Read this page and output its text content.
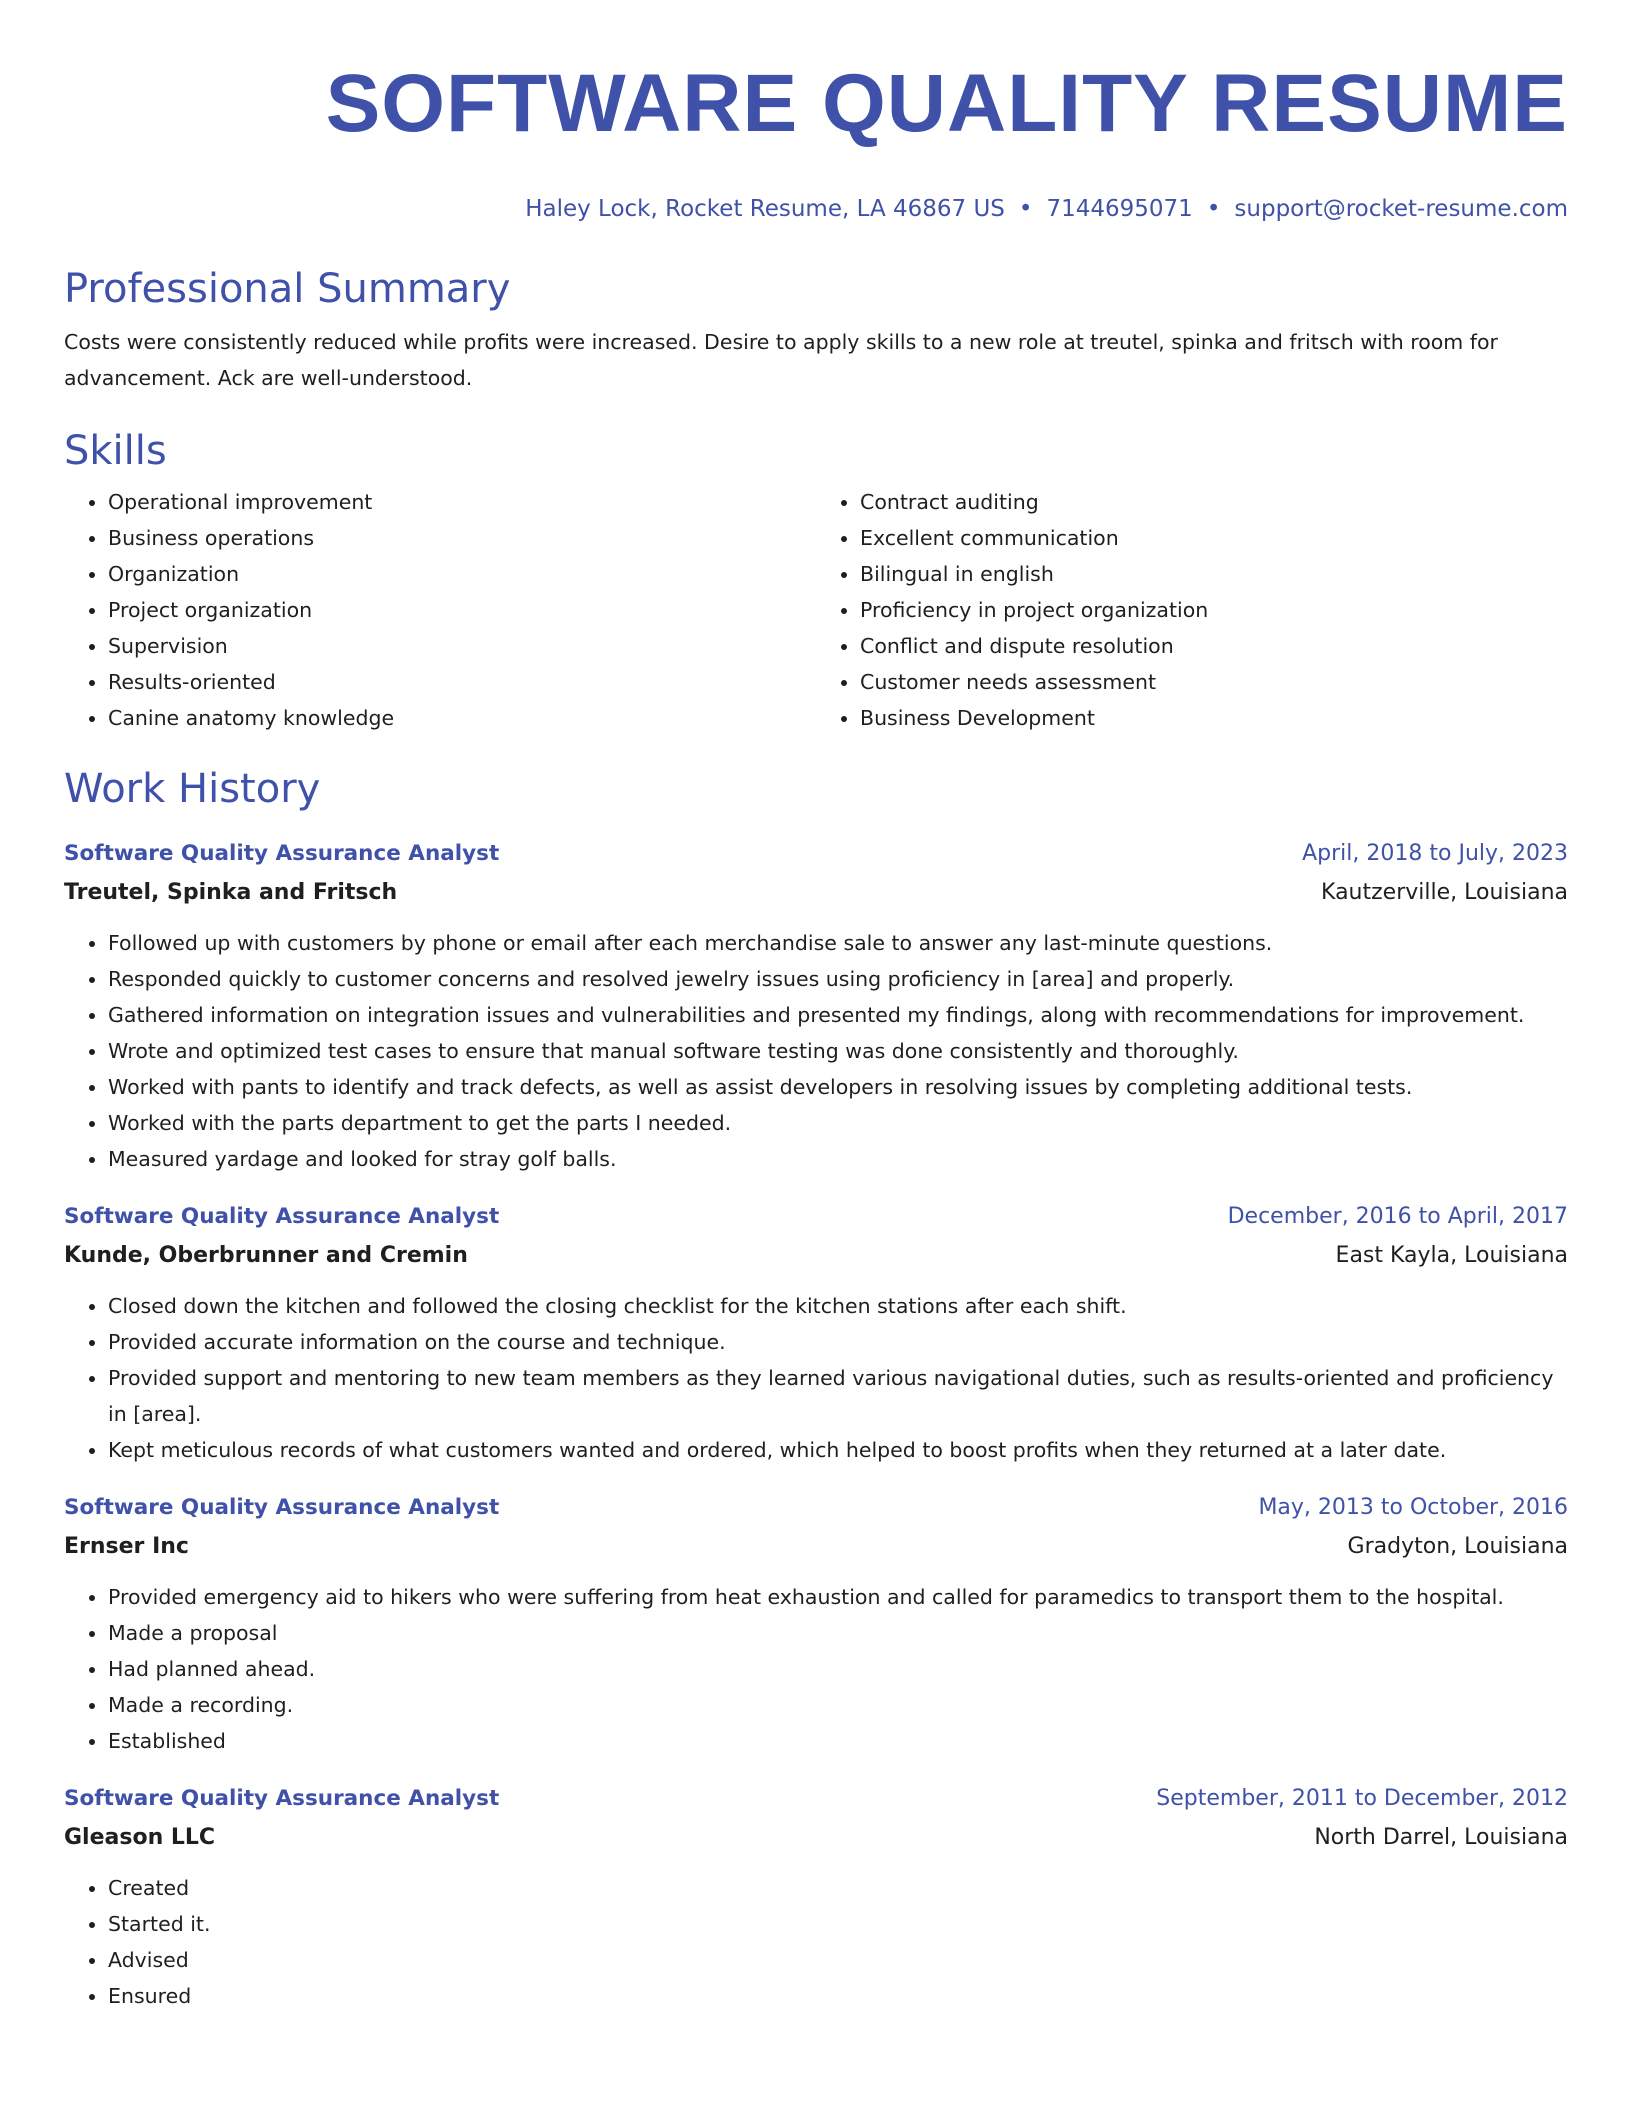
SOFTWARE QUALITY RESUME
Haley Lock, Rocket Resume, LA 46867 US • 7144695071 • support@rocket-resume.com
Professional Summary
Costs were consistently reduced while profits were increased. Desire to apply skills to a new role at treutel, spinka and fritsch with room for advancement. Ack are well-understood.
Skills
• Operational improvement
• Business operations
• Organization
• Project organization
• Supervision
• Results-oriented
• Canine anatomy knowledge
• Contract auditing
• Excellent communication
• Bilingual in english
• Proficiency in project organization
• Conflict and dispute resolution
• Customer needs assessment
• Business Development
Work History
Software Quality Assurance Analyst	April, 2018 to July, 2023
Treutel, Spinka and Fritsch	Kautzerville, Louisiana
• Followed up with customers by phone or email after each merchandise sale to answer any last-minute questions.
• Responded quickly to customer concerns and resolved jewelry issues using proficiency in [area] and properly.
• Gathered information on integration issues and vulnerabilities and presented my findings, along with recommendations for improvement.
• Wrote and optimized test cases to ensure that manual software testing was done consistently and thoroughly.
• Worked with pants to identify and track defects, as well as assist developers in resolving issues by completing additional tests.
• Worked with the parts department to get the parts I needed.
• Measured yardage and looked for stray golf balls.
Software Quality Assurance Analyst	December, 2016 to April, 2017
Kunde, Oberbrunner and Cremin	East Kayla, Louisiana
• Closed down the kitchen and followed the closing checklist for the kitchen stations after each shift.
• Provided accurate information on the course and technique.
• Provided support and mentoring to new team members as they learned various navigational duties, such as results-oriented and proficiency in [area].
• Kept meticulous records of what customers wanted and ordered, which helped to boost profits when they returned at a later date.
Software Quality Assurance Analyst	May, 2013 to October, 2016
Ernser Inc	Gradyton, Louisiana
• Provided emergency aid to hikers who were suffering from heat exhaustion and called for paramedics to transport them to the hospital.
• Made a proposal
• Had planned ahead.
• Made a recording.
• Established
Software Quality Assurance Analyst	September, 2011 to December, 2012
Gleason LLC	North Darrel, Louisiana
• Created
• Started it.
• Advised
• Ensured
